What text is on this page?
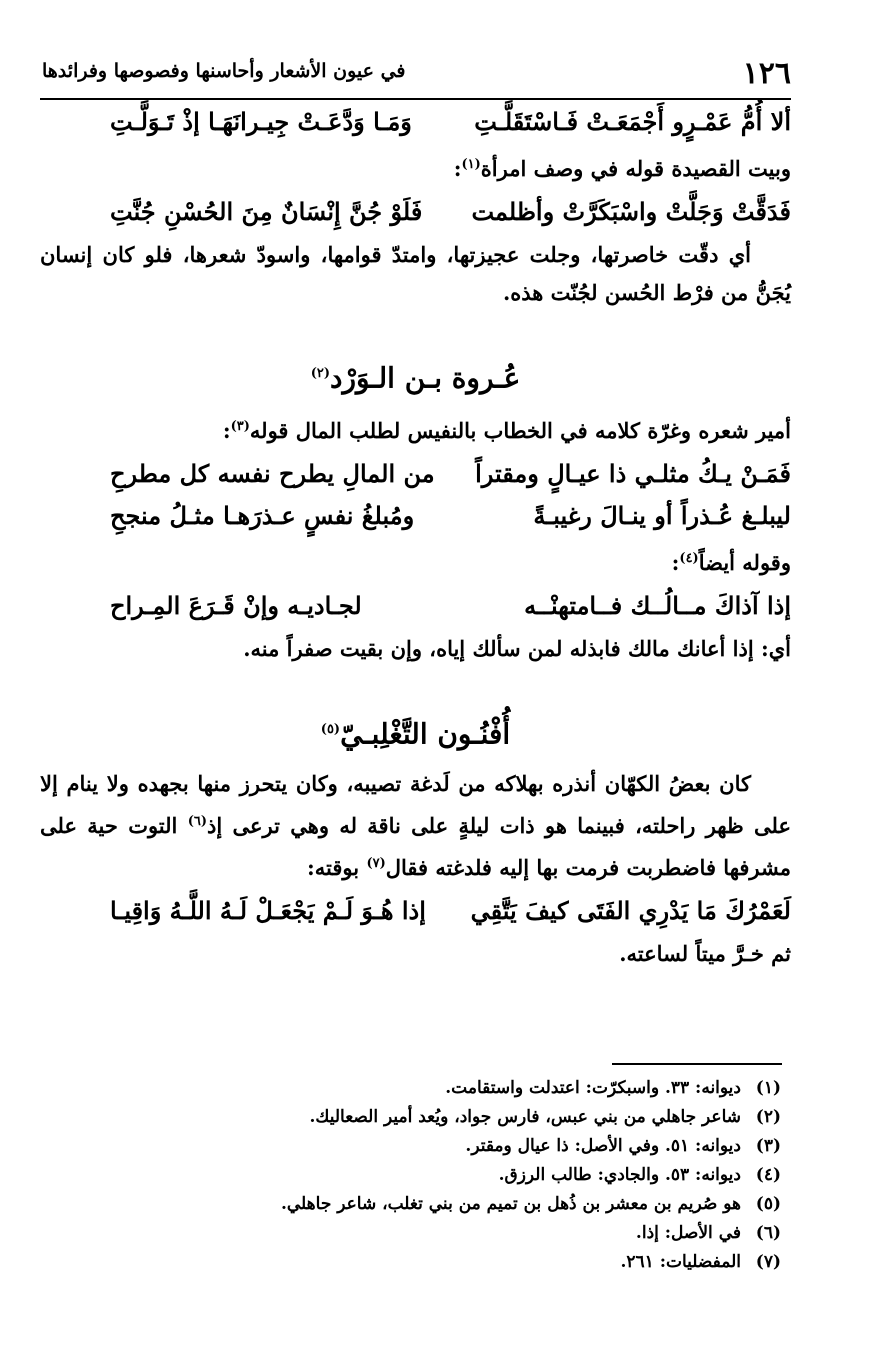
١٢٦
في عيون الأشعار وأحاسنها وفصوصها وفرائدها
ألا أُمُّ عَمْـرٍو أَجْمَعَـتْ فَـاسْتَقَلَّـتِ
وَمَـا وَدَّعَـتْ جِيـرانَهَـا إذْ تَـوَلَّـتِ
وبيت القصيدة قوله في وصف امرأة$^{(١)}$:
فَدَقَّتْ وَجَلَّتْ واسْبَكَرَّتْ وأظلمت
فَلَوْ جُنَّ إِنْسَانٌ مِنَ الحُسْنِ جُنَّتِ
أي دقّت خاصرتها، وجلت عجيزتها، وامتدّ قوامها، واسودّ شعرها، فلو كان إنسان يُجَنُّ من فرْط الحُسن لجُنّت هذه.
عُـروة بـن الـوَرْد$^{(٢)}$
أمير شعره وغرّة كلامه في الخطاب بالنفيس لطلب المال قوله$^{(٣)}$:
فَمَـنْ يـكُ مثلـي ذا عيـالٍ ومقتراً
من المالِ يطرح نفسه كل مطرحِ
ليبلـغ عُـذراً أو ينـالَ رغيبـةً
ومُبلغُ نفسٍ عـذرَهـا مثـلُ منجحِ
وقوله أيضاً$^{(٤)}$:
إذا آذاكَ مــالُــك فــامتهنْــه
لجـاديـه وإنْ قَـرَعَ المِـراح
أي: إذا أعانك مالك فابذله لمن سألك إياه، وإن بقيت صفراً منه.
أُفْنُـون التَّغْلِبـيّ$^{(٥)}$
كان بعضُ الكهّان أنذره بهلاكه من لَدغة تصيبه، وكان يتحرز منها بجهده ولا ينام إلا على ظهر راحلته، فبينما هو ذات ليلةٍ على ناقة له وهي ترعى إذ$^{(٦)}$ التوت حية على مشرفها فاضطربت فرمت بها إليه فلدغته فقال$^{(٧)}$ بوقته:
لَعَمْرُكَ مَا يَدْرِي الفَتَى كيفَ يَتَّقِي
إذا هُـوَ لَـمْ يَجْعَـلْ لَـهُ اللَّـهُ وَاقِيـا
ثم خـرَّ ميتاً لساعته.
(١)ديوانه: ٣٣. واسبكرّت: اعتدلت واستقامت.
(٢)شاعر جاهلي من بني عبس، فارس جواد، ويُعد أمير الصعاليك.
(٣)ديوانه: ٥١. وفي الأصل: ذا عيال ومقتر.
(٤)ديوانه: ٥٣. والجادي: طالب الرزق.
(٥)هو صُريم بن معشر بن ذُهل بن تميم من بني تغلب، شاعر جاهلي.
(٦)في الأصل: إذا.
(٧)المفضليات: ٢٦١.
